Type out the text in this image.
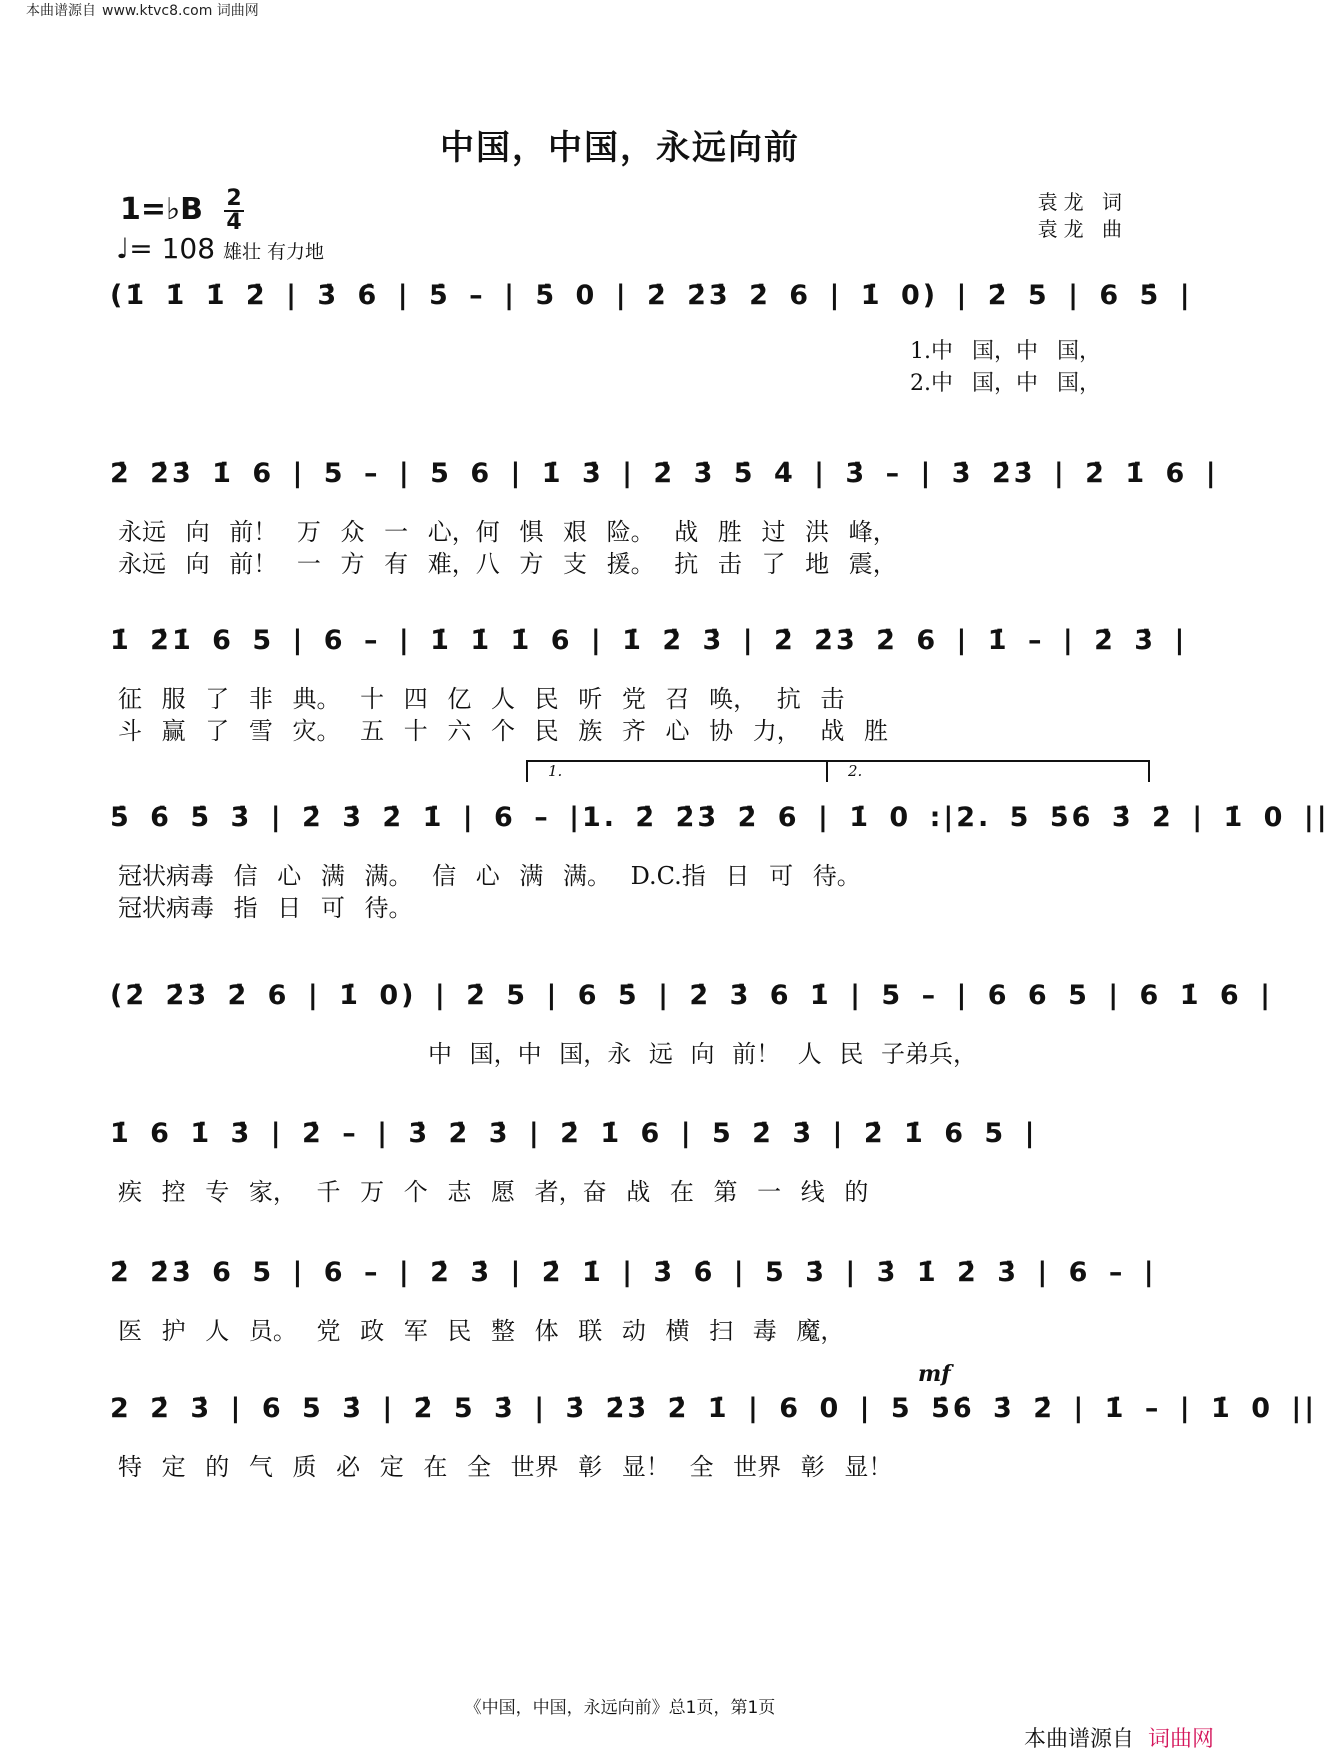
本曲谱源自 www.ktvc8.com 词曲网
中国，中国，永远向前
1=♭B 2
4
♩= 108 雄壮 有力地
袁龙 词
袁龙 曲
(1̇ 1̇ 1̇ 2̇ | 3̇ 6̇ | 5̇ – | 5̇ 0 | 2̇ 2̇3̇ 2̇ 6 | 1̇ 0) | 2̇ 5 | 6 5̇ |
1.中 国，中 国，
2.中 国，中 国，
2̇ 2̇3̇ 1̇ 6 | 5 – | 5 6 | 1̇ 3̇ | 2̇ 3̇ 5̇ 4̇ | 3̇ – | 3̇ 2̇3̇ | 2̇ 1̇ 6 |
永远 向 前！ 万 众 一 心，何 惧 艰 险。 战 胜 过 洪 峰，
永远 向 前！ 一 方 有 难，八 方 支 援。 抗 击 了 地 震，
1̇ 2̇1̇ 6 5 | 6 – | 1̇ 1̇ 1̇ 6 | 1̇ 2̇ 3̇ | 2̇ 2̇3̇ 2̇ 6 | 1̇ – | 2̇ 3̇ |
征 服 了 非 典。 十 四 亿 人 民 听 党 召 唤， 抗 击
斗 赢 了 雪 灾。 五 十 六 个 民 族 齐 心 协 力， 战 胜
5̇ 6̇ 5̇ 3̇ | 2̇ 3̇ 2̇ 1̇ | 6 – |1. 2̇ 2̇3̇ 2̇ 6 | 1̇ 0 :|2. 5 5̇6̇ 3̇ 2̇ | 1̇ 0 ||
1.	2.
冠状病毒 信 心 满 满。 信 心 满 满。 D.C.指 日 可 待。
冠状病毒 指 日 可 待。
(2̇ 2̇3̇ 2̇ 6 | 1̇ 0) | 2̇ 5 | 6 5̇ | 2̇ 3̇ 6 1̇ | 5 – | 6 6 5 | 6 1̇ 6 |
中 国，中 国，永 远 向 前！ 人 民 子弟兵，
1̇ 6 1̇ 3̇ | 2̇ – | 3̇ 2̇ 3̇ | 2̇ 1̇ 6 | 5 2̇ 3̇ | 2̇ 1̇ 6 5 |
疾 控 专 家， 千 万 个 志 愿 者，奋 战 在 第 一 线 的
2̇ 2̇3̇ 6 5 | 6 – | 2̇ 3̇ | 2̇ 1̇ | 3̇ 6̇ | 5 3̇ | 3̇ 1̇ 2̇ 3̇ | 6 – |
医 护 人 员。 党 政 军 民 整 体 联 动 横 扫 毒 魔，
2 2̇ 3̇ | 6 5 3̇ | 2̇ 5 3̇ | 3̇ 2̇3̇ 2̇ 1̇ | 6 0 | 5 5̇6̇ 3̇ 2̇ | 1̇ – | 1̇ 0 ||
mf
特 定 的 气 质 必 定 在 全 世界 彰 显！ 全 世界 彰 显！
《中国，中国，永远向前》总1页，第1页
本曲谱源自 词曲网
